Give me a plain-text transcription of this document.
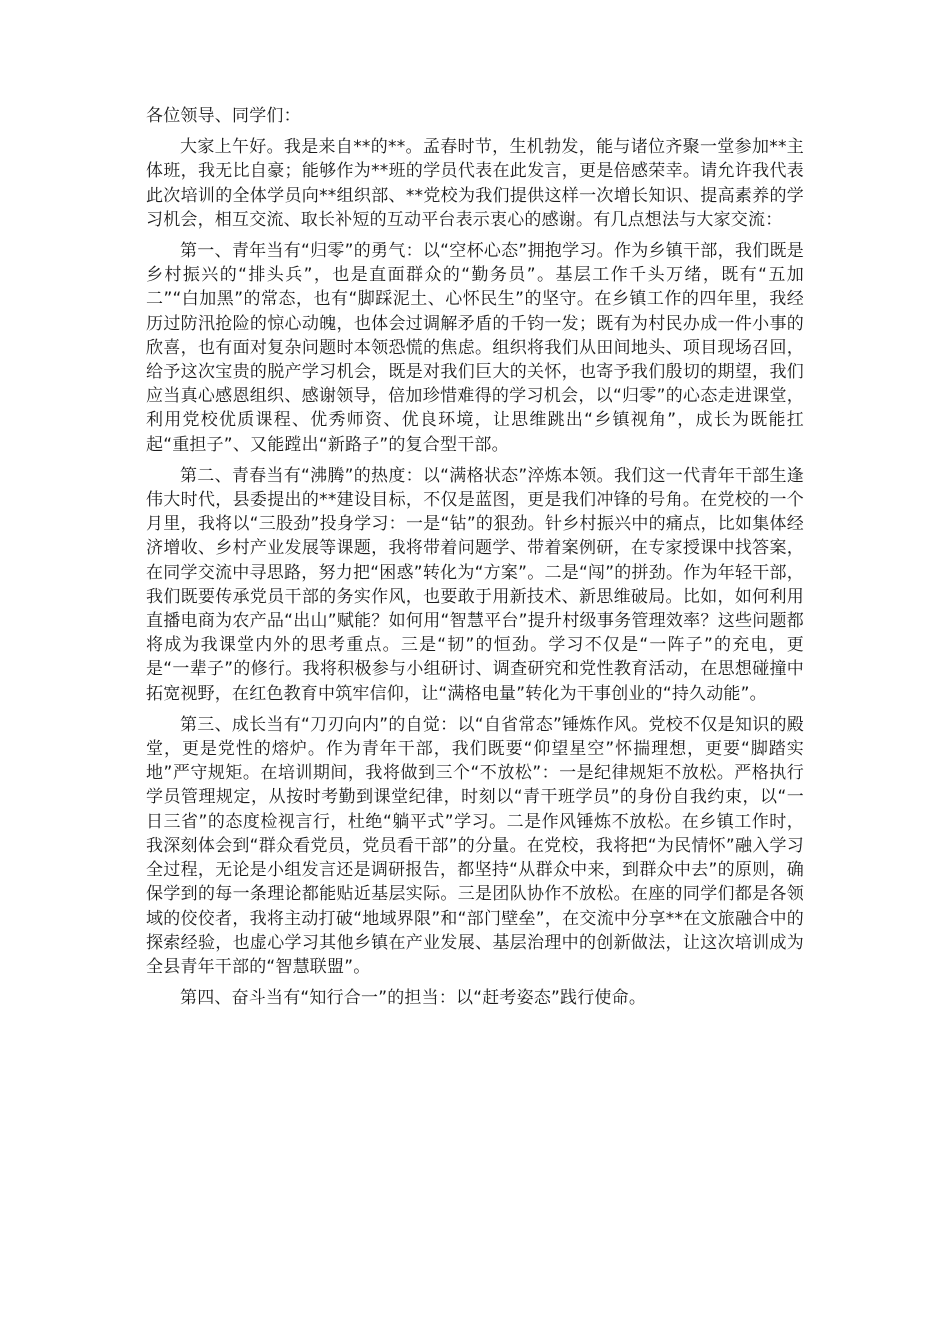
各位领导、同学们：

大家上午好。我是来自**的**。孟春时节，生机勃发，能与诸位齐聚一堂参加**主体班，我无比自豪；能够作为**班的学员代表在此发言，更是倍感荣幸。请允许我代表此次培训的全体学员向**组织部、**党校为我们提供这样一次增长知识、提高素养的学习机会，相互交流、取长补短的互动平台表示衷心的感谢。有几点想法与大家交流：

第一、青年当有“归零”的勇气：以“空杯心态”拥抱学习。作为乡镇干部，我们既是乡村振兴的“排头兵”，也是直面群众的“勤务员”。基层工作千头万绪，既有“五加二”“白加黑”的常态，也有“脚踩泥土、心怀民生”的坚守。在乡镇工作的四年里，我经历过防汛抢险的惊心动魄，也体会过调解矛盾的千钧一发；既有为村民办成一件小事的欣喜，也有面对复杂问题时本领恐慌的焦虑。组织将我们从田间地头、项目现场召回，给予这次宝贵的脱产学习机会，既是对我们巨大的关怀，也寄予我们殷切的期望，我们应当真心感恩组织、感谢领导，倍加珍惜难得的学习机会，以“归零”的心态走进课堂，利用党校优质课程、优秀师资、优良环境，让思维跳出“乡镇视角”，成长为既能扛起“重担子”、又能蹚出“新路子”的复合型干部。

第二、青春当有“沸腾”的热度：以“满格状态”淬炼本领。我们这一代青年干部生逢伟大时代，县委提出的**建设目标，不仅是蓝图，更是我们冲锋的号角。在党校的一个月里，我将以“三股劲”投身学习：一是“钻”的狠劲。针乡村振兴中的痛点，比如集体经济增收、乡村产业发展等课题，我将带着问题学、带着案例研，在专家授课中找答案，在同学交流中寻思路，努力把“困惑”转化为“方案”。二是“闯”的拼劲。作为年轻干部，我们既要传承党员干部的务实作风，也要敢于用新技术、新思维破局。比如，如何利用直播电商为农产品“出山”赋能？如何用“智慧平台”提升村级事务管理效率？这些问题都将成为我课堂内外的思考重点。三是“韧”的恒劲。学习不仅是“一阵子”的充电，更是“一辈子”的修行。我将积极参与小组研讨、调查研究和党性教育活动，在思想碰撞中拓宽视野，在红色教育中筑牢信仰，让“满格电量”转化为干事创业的“持久动能”。

第三、成长当有“刀刃向内”的自觉：以“自省常态”锤炼作风。党校不仅是知识的殿堂，更是党性的熔炉。作为青年干部，我们既要“仰望星空”怀揣理想，更要“脚踏实地”严守规矩。在培训期间，我将做到三个“不放松”：一是纪律规矩不放松。严格执行学员管理规定，从按时考勤到课堂纪律，时刻以“青干班学员”的身份自我约束，以“一日三省”的态度检视言行，杜绝“躺平式”学习。二是作风锤炼不放松。在乡镇工作时，我深刻体会到“群众看党员，党员看干部”的分量。在党校，我将把“为民情怀”融入学习全过程，无论是小组发言还是调研报告，都坚持“从群众中来，到群众中去”的原则，确保学到的每一条理论都能贴近基层实际。三是团队协作不放松。在座的同学们都是各领域的佼佼者，我将主动打破“地域界限”和“部门壁垒”，在交流中分享**在文旅融合中的探索经验，也虚心学习其他乡镇在产业发展、基层治理中的创新做法，让这次培训成为全县青年干部的“智慧联盟”。

第四、奋斗当有“知行合一”的担当：以“赶考姿态”践行使命。
